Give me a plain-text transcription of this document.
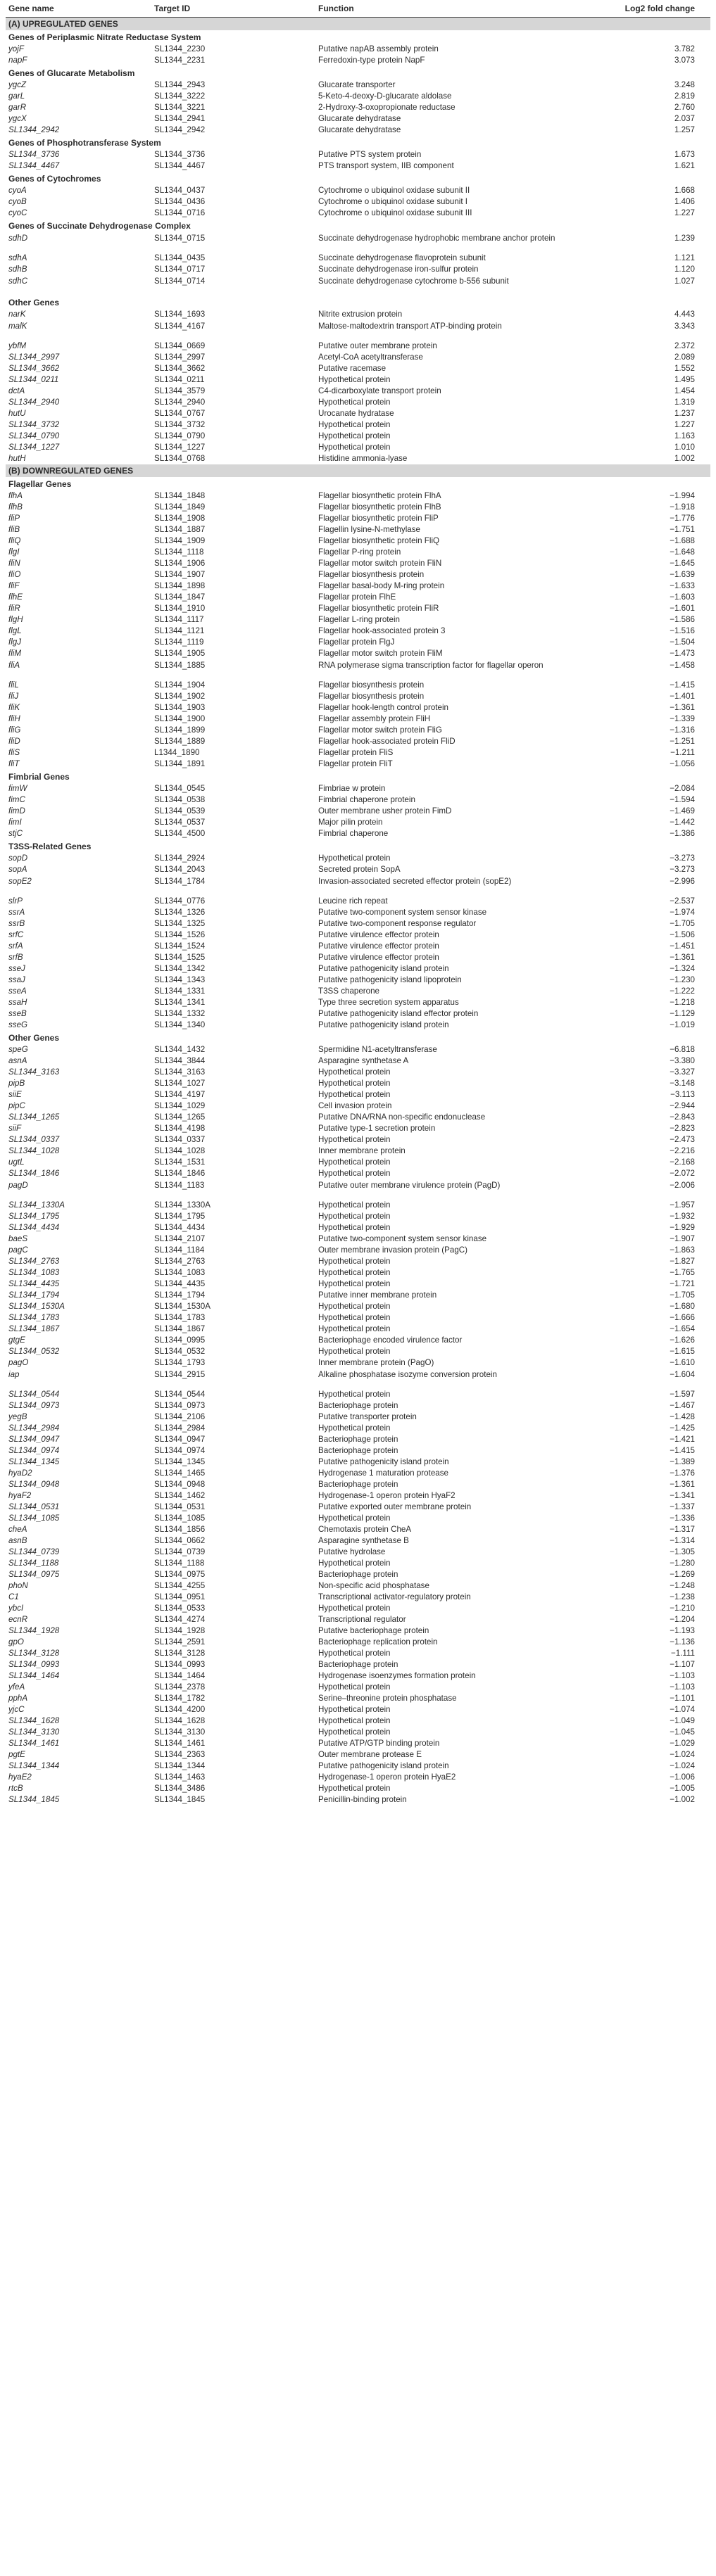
Gene name	Target ID	Function	Log2 fold change
(A) UPREGULATED GENES
Genes of Periplasmic Nitrate Reductase System
yojF	SL1344_2230	Putative napAB assembly protein	3.782
napF	SL1344_2231	Ferredoxin-type protein NapF	3.073
Genes of Glucarate Metabolism
ygcZ	SL1344_2943	Glucarate transporter	3.248
garL	SL1344_3222	5-Keto-4-deoxy-D-glucarate aldolase	2.819
garR	SL1344_3221	2-Hydroxy-3-oxopropionate reductase	2.760
ygcX	SL1344_2941	Glucarate dehydratase	2.037
SL1344_2942	SL1344_2942	Glucarate dehydratase	1.257
Genes of Phosphotransferase System
SL1344_3736	SL1344_3736	Putative PTS system protein	1.673
SL1344_4467	SL1344_4467	PTS transport system, IIB component	1.621
Genes of Cytochromes
cyoA	SL1344_0437	Cytochrome o ubiquinol oxidase subunit II	1.668
cyoB	SL1344_0436	Cytochrome o ubiquinol oxidase subunit I	1.406
cyoC	SL1344_0716	Cytochrome o ubiquinol oxidase subunit III	1.227
Genes of Succinate Dehydrogenase Complex
sdhD	SL1344_0715	Succinate dehydrogenase hydrophobic membrane anchor protein	1.239
sdhA	SL1344_0435	Succinate dehydrogenase flavoprotein subunit	1.121
sdhB	SL1344_0717	Succinate dehydrogenase iron-sulfur protein	1.120
sdhC	SL1344_0714	Succinate dehydrogenase cytochrome b-556 subunit	1.027
Other Genes
narK	SL1344_1693	Nitrite extrusion protein	4.443
malK	SL1344_4167	Maltose-maltodextrin transport ATP-binding protein	3.343
ybfM	SL1344_0669	Putative outer membrane protein	2.372
SL1344_2997	SL1344_2997	Acetyl-CoA acetyltransferase	2.089
SL1344_3662	SL1344_3662	Putative racemase	1.552
SL1344_0211	SL1344_0211	Hypothetical protein	1.495
dctA	SL1344_3579	C4-dicarboxylate transport protein	1.454
SL1344_2940	SL1344_2940	Hypothetical protein	1.319
hutU	SL1344_0767	Urocanate hydratase	1.237
SL1344_3732	SL1344_3732	Hypothetical protein	1.227
SL1344_0790	SL1344_0790	Hypothetical protein	1.163
SL1344_1227	SL1344_1227	Hypothetical protein	1.010
hutH	SL1344_0768	Histidine ammonia-lyase	1.002
(B) DOWNREGULATED GENES
Flagellar Genes
flhA	SL1344_1848	Flagellar biosynthetic protein FlhA	−1.994
flhB	SL1344_1849	Flagellar biosynthetic protein FlhB	−1.918
fliP	SL1344_1908	Flagellar biosynthetic protein FliP	−1.776
fliB	SL1344_1887	Flagellin lysine-N-methylase	−1.751
fliQ	SL1344_1909	Flagellar biosynthetic protein FliQ	−1.688
flgI	SL1344_1118	Flagellar P-ring protein	−1.648
fliN	SL1344_1906	Flagellar motor switch protein FliN	−1.645
fliO	SL1344_1907	Flagellar biosynthesis protein	−1.639
fliF	SL1344_1898	Flagellar basal-body M-ring protein	−1.633
flhE	SL1344_1847	Flagellar protein FlhE	−1.603
fliR	SL1344_1910	Flagellar biosynthetic protein FliR	−1.601
flgH	SL1344_1117	Flagellar L-ring protein	−1.586
flgL	SL1344_1121	Flagellar hook-associated protein 3	−1.516
flgJ	SL1344_1119	Flagellar protein FlgJ	−1.504
fliM	SL1344_1905	Flagellar motor switch protein FliM	−1.473
fliA	SL1344_1885	RNA polymerase sigma transcription factor for flagellar operon	−1.458
fliL	SL1344_1904	Flagellar biosynthesis protein	−1.415
fliJ	SL1344_1902	Flagellar biosynthesis protein	−1.401
fliK	SL1344_1903	Flagellar hook-length control protein	−1.361
fliH	SL1344_1900	Flagellar assembly protein FliH	−1.339
fliG	SL1344_1899	Flagellar motor switch protein FliG	−1.316
fliD	SL1344_1889	Flagellar hook-associated protein FliD	−1.251
fliS	L1344_1890	Flagellar protein FliS	−1.211
fliT	SL1344_1891	Flagellar protein FliT	−1.056
Fimbrial Genes
fimW	SL1344_0545	Fimbriae w protein	−2.084
fimC	SL1344_0538	Fimbrial chaperone protein	−1.594
fimD	SL1344_0539	Outer membrane usher protein FimD	−1.469
fimI	SL1344_0537	Major pilin protein	−1.442
stjC	SL1344_4500	Fimbrial chaperone	−1.386
T3SS-Related Genes
sopD	SL1344_2924	Hypothetical protein	−3.273
sopA	SL1344_2043	Secreted protein SopA	−3.273
sopE2	SL1344_1784	Invasion-associated secreted effector protein (sopE2)	−2.996
slrP	SL1344_0776	Leucine rich repeat	−2.537
ssrA	SL1344_1326	Putative two-component system sensor kinase	−1.974
ssrB	SL1344_1325	Putative two-component response regulator	−1.705
srfC	SL1344_1526	Putative virulence effector protein	−1.506
srfA	SL1344_1524	Putative virulence effector protein	−1.451
srfB	SL1344_1525	Putative virulence effector protein	−1.361
sseJ	SL1344_1342	Putative pathogenicity island protein	−1.324
ssaJ	SL1344_1343	Putative pathogenicity island lipoprotein	−1.230
sseA	SL1344_1331	T3SS chaperone	−1.222
ssaH	SL1344_1341	Type three secretion system apparatus	−1.218
sseB	SL1344_1332	Putative pathogenicity island effector protein	−1.129
sseG	SL1344_1340	Putative pathogenicity island protein	−1.019
Other Genes
speG	SL1344_1432	Spermidine N1-acetyltransferase	−6.818
asnA	SL1344_3844	Asparagine synthetase A	−3.380
SL1344_3163	SL1344_3163	Hypothetical protein	−3.327
pipB	SL1344_1027	Hypothetical protein	−3.148
siiE	SL1344_4197	Hypothetical protein	−3.113
pipC	SL1344_1029	Cell invasion protein	−2.944
SL1344_1265	SL1344_1265	Putative DNA/RNA non-specific endonuclease	−2.843
siiF	SL1344_4198	Putative type-1 secretion protein	−2.823
SL1344_0337	SL1344_0337	Hypothetical protein	−2.473
SL1344_1028	SL1344_1028	Inner membrane protein	−2.216
ugtL	SL1344_1531	Hypothetical protein	−2.168
SL1344_1846	SL1344_1846	Hypothetical protein	−2.072
pagD	SL1344_1183	Putative outer membrane virulence protein (PagD)	−2.006
SL1344_1330A	SL1344_1330A	Hypothetical protein	−1.957
SL1344_1795	SL1344_1795	Hypothetical protein	−1.932
SL1344_4434	SL1344_4434	Hypothetical protein	−1.929
baeS	SL1344_2107	Putative two-component system sensor kinase	−1.907
pagC	SL1344_1184	Outer membrane invasion protein (PagC)	−1.863
SL1344_2763	SL1344_2763	Hypothetical protein	−1.827
SL1344_1083	SL1344_1083	Hypothetical protein	−1.765
SL1344_4435	SL1344_4435	Hypothetical protein	−1.721
SL1344_1794	SL1344_1794	Putative inner membrane protein	−1.705
SL1344_1530A	SL1344_1530A	Hypothetical protein	−1.680
SL1344_1783	SL1344_1783	Hypothetical protein	−1.666
SL1344_1867	SL1344_1867	Hypothetical protein	−1.654
gtgE	SL1344_0995	Bacteriophage encoded virulence factor	−1.626
SL1344_0532	SL1344_0532	Hypothetical protein	−1.615
pagO	SL1344_1793	Inner membrane protein (PagO)	−1.610
iap	SL1344_2915	Alkaline phosphatase isozyme conversion protein	−1.604
SL1344_0544	SL1344_0544	Hypothetical protein	−1.597
SL1344_0973	SL1344_0973	Bacteriophage protein	−1.467
yegB	SL1344_2106	Putative transporter protein	−1.428
SL1344_2984	SL1344_2984	Hypothetical protein	−1.425
SL1344_0947	SL1344_0947	Bacteriophage protein	−1.421
SL1344_0974	SL1344_0974	Bacteriophage protein	−1.415
SL1344_1345	SL1344_1345	Putative pathogenicity island protein	−1.389
hyaD2	SL1344_1465	Hydrogenase 1 maturation protease	−1.376
SL1344_0948	SL1344_0948	Bacteriophage protein	−1.361
hyaF2	SL1344_1462	Hydrogenase-1 operon protein HyaF2	−1.341
SL1344_0531	SL1344_0531	Putative exported outer membrane protein	−1.337
SL1344_1085	SL1344_1085	Hypothetical protein	−1.336
cheA	SL1344_1856	Chemotaxis protein CheA	−1.317
asnB	SL1344_0662	Asparagine synthetase B	−1.314
SL1344_0739	SL1344_0739	Putative hydrolase	−1.305
SL1344_1188	SL1344_1188	Hypothetical protein	−1.280
SL1344_0975	SL1344_0975	Bacteriophage protein	−1.269
phoN	SL1344_4255	Non-specific acid phosphatase	−1.248
C1	SL1344_0951	Transcriptional activator-regulatory protein	−1.238
ybcI	SL1344_0533	Hypothetical protein	−1.210
ecnR	SL1344_4274	Transcriptional regulator	−1.204
SL1344_1928	SL1344_1928	Putative bacteriophage protein	−1.193
gpO	SL1344_2591	Bacteriophage replication protein	−1.136
SL1344_3128	SL1344_3128	Hypothetical protein	−1.111
SL1344_0993	SL1344_0993	Bacteriophage protein	−1.107
SL1344_1464	SL1344_1464	Hydrogenase isoenzymes formation protein	−1.103
yfeA	SL1344_2378	Hypothetical protein	−1.103
pphA	SL1344_1782	Serine–threonine protein phosphatase	−1.101
yjcC	SL1344_4200	Hypothetical protein	−1.074
SL1344_1628	SL1344_1628	Hypothetical protein	−1.049
SL1344_3130	SL1344_3130	Hypothetical protein	−1.045
SL1344_1461	SL1344_1461	Putative ATP/GTP binding protein	−1.029
pgtE	SL1344_2363	Outer membrane protease E	−1.024
SL1344_1344	SL1344_1344	Putative pathogenicity island protein	−1.024
hyaE2	SL1344_1463	Hydrogenase-1 operon protein HyaE2	−1.006
rtcB	SL1344_3486	Hypothetical protein	−1.005
SL1344_1845	SL1344_1845	Penicillin-binding protein	−1.002
